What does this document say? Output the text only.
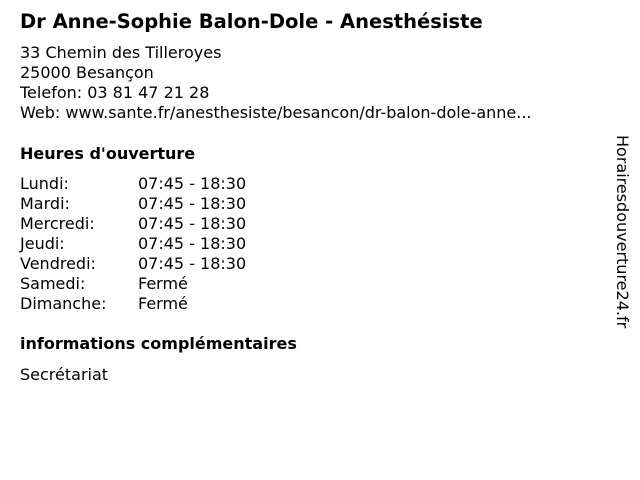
Dr Anne-Sophie Balon-Dole - Anesthésiste
33 Chemin des Tilleroyes
25000 Besançon
Telefon: 03 81 47 21 28
Web: www.sante.fr/anesthesiste/besancon/dr-balon-dole-anne...
Heures d'ouverture
Lundi:	07:45 - 18:30
Mardi:	07:45 - 18:30
Mercredi:	07:45 - 18:30
Jeudi:	07:45 - 18:30
Vendredi:	07:45 - 18:30
Samedi:	Fermé
Dimanche:	Fermé
informations complémentaires
Secrétariat
Horairesdouverture24.fr
